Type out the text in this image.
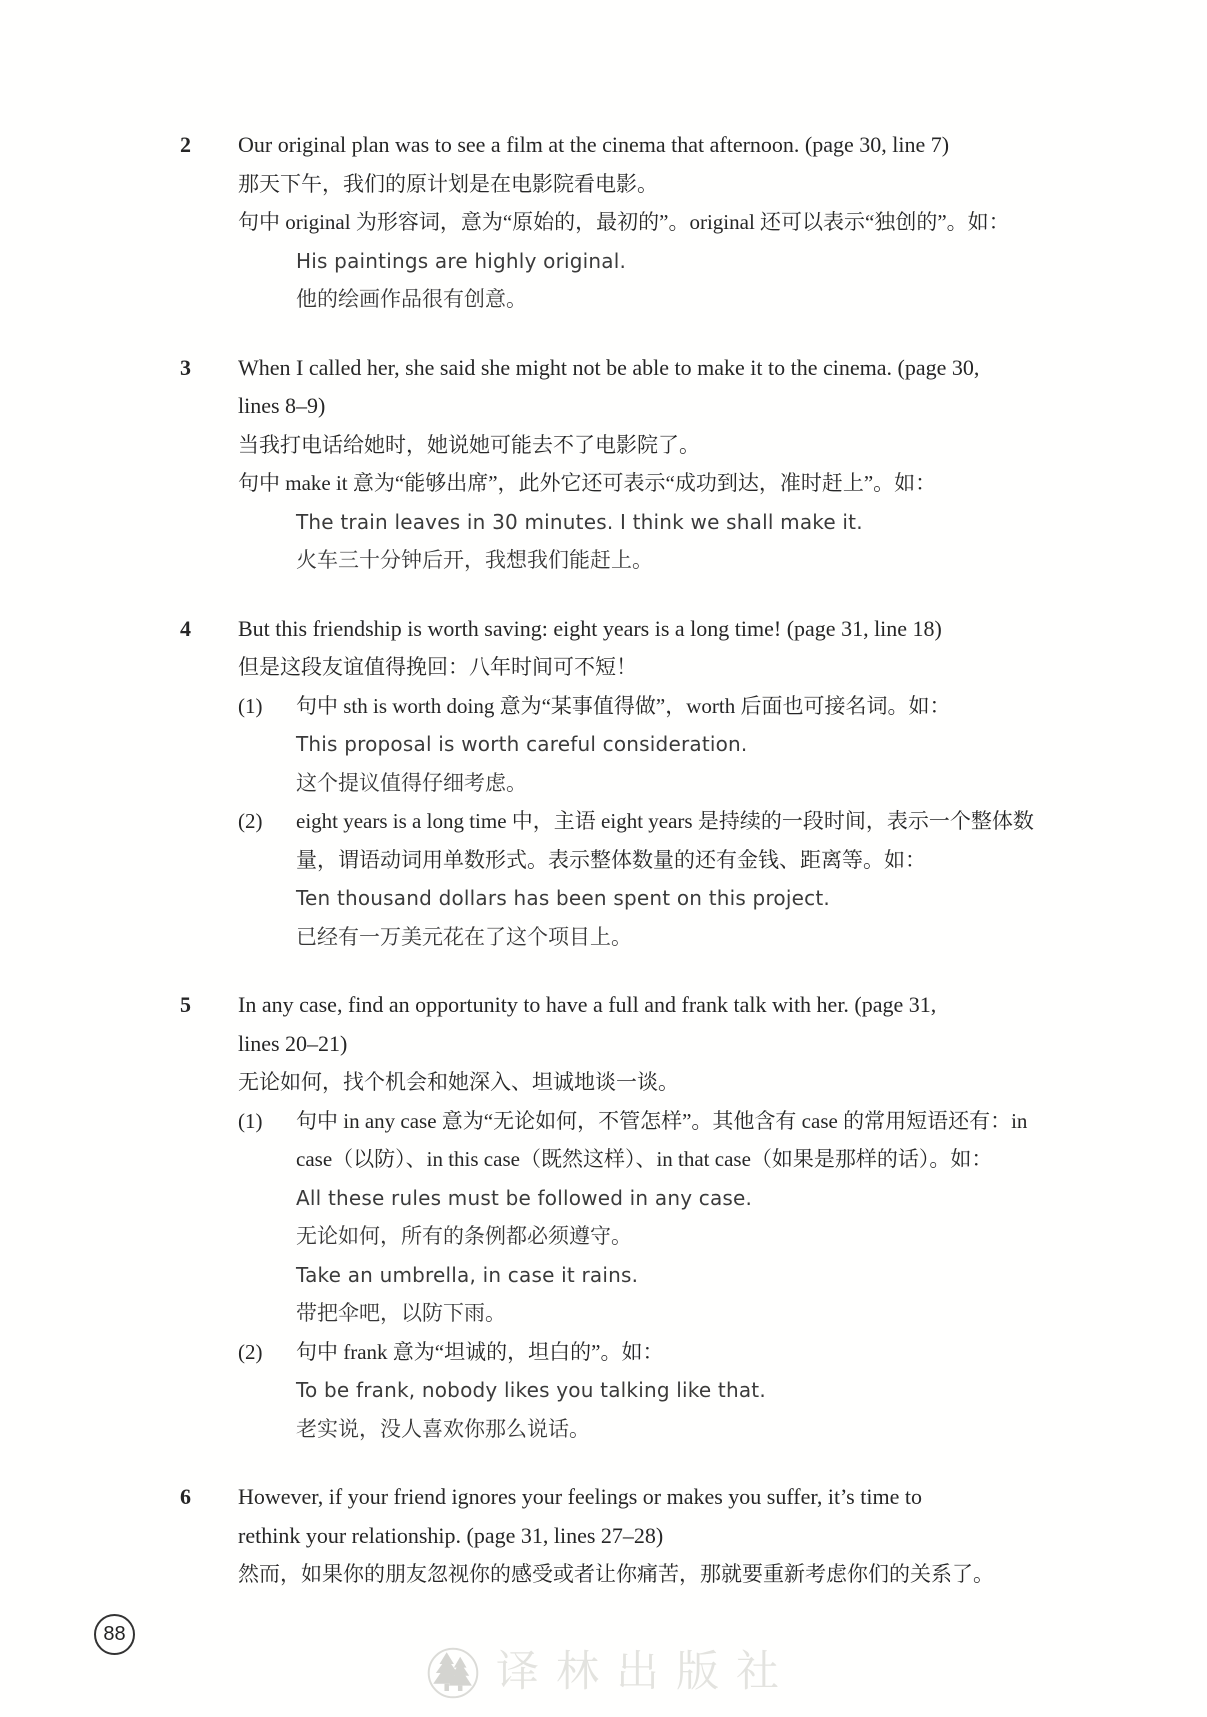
2	Our original plan was to see a film at the cinema that afternoon. (page 30, line 7)

那天下午，我们的原计划是在电影院看电影。

句中 original 为形容词，意为“原始的，最初的”。original 还可以表示“独创的”。如：

His paintings are highly original.

他的绘画作品很有创意。

3	When I called her, she said she might not be able to make it to the cinema. (page 30,

lines 8–9)

当我打电话给她时，她说她可能去不了电影院了。

句中 make it 意为“能够出席”，此外它还可表示“成功到达，准时赶上”。如：

The train leaves in 30 minutes. I think we shall make it.

火车三十分钟后开，我想我们能赶上。

4	But this friendship is worth saving: eight years is a long time! (page 31, line 18)

但是这段友谊值得挽回：八年时间可不短！

(1)	句中 sth is worth doing 意为“某事值得做”，worth 后面也可接名词。如：

This proposal is worth careful consideration.

这个提议值得仔细考虑。

(2)	eight years is a long time 中，主语 eight years 是持续的一段时间，表示一个整体数

量，谓语动词用单数形式。表示整体数量的还有金钱、距离等。如：

Ten thousand dollars has been spent on this project.

已经有一万美元花在了这个项目上。

5	In any case, find an opportunity to have a full and frank talk with her. (page 31,

lines 20–21)

无论如何，找个机会和她深入、坦诚地谈一谈。

(1)	句中 in any case 意为“无论如何，不管怎样”。其他含有 case 的常用短语还有：in

case（以防）、in this case（既然这样）、in that case（如果是那样的话）。如：

All these rules must be followed in any case.

无论如何，所有的条例都必须遵守。

Take an umbrella, in case it rains.

带把伞吧，以防下雨。

(2)	句中 frank 意为“坦诚的，坦白的”。如：

To be frank, nobody likes you talking like that.

老实说，没人喜欢你那么说话。

6	However, if your friend ignores your feelings or makes you suffer, it’s time to

rethink your relationship. (page 31, lines 27–28)

然而，如果你的朋友忽视你的感受或者让你痛苦，那就要重新考虑你们的关系了。

88
译林出版社
